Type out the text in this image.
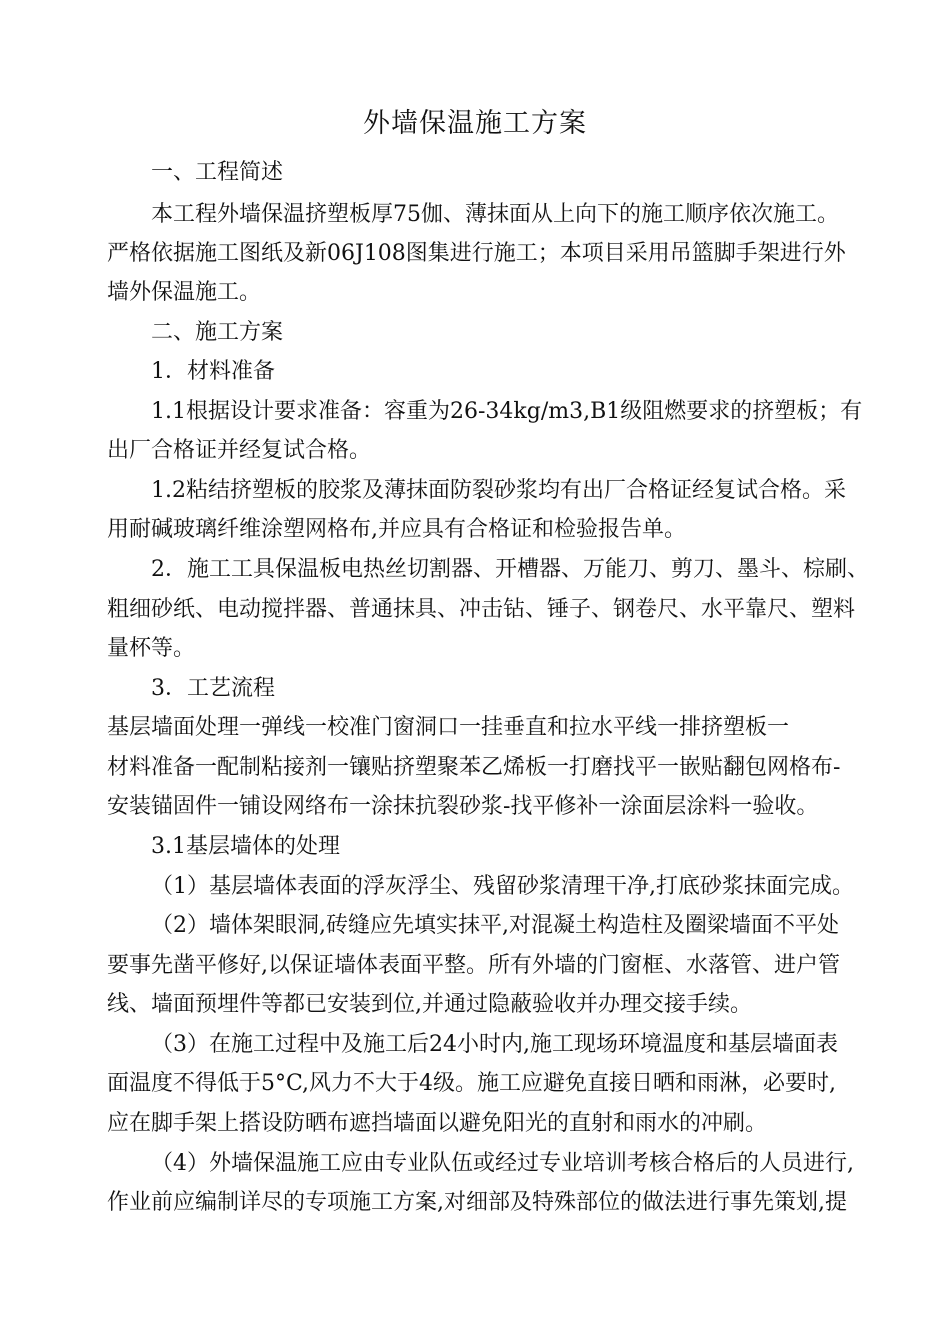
外墙保温施工方案
一、工程简述
本工程外墙保温挤塑板厚75伽、薄抹面从上向下的施工顺序依次施工。
严格依据施工图纸及新06J108图集进行施工；本项目采用吊篮脚手架进行外
墙外保温施工。
二、施工方案
1．材料准备
1.1根据设计要求准备：容重为26-34kg/m3,B1级阻燃要求的挤塑板；有
出厂合格证并经复试合格。
1.2粘结挤塑板的胶浆及薄抹面防裂砂浆均有出厂合格证经复试合格。采
用耐碱玻璃纤维涂塑网格布,并应具有合格证和检验报告单。
2．施工工具保温板电热丝切割器、开槽器、万能刀、剪刀、墨斗、棕刷、
粗细砂纸、电动搅拌器、普通抹具、冲击钻、锤子、钢卷尺、水平靠尺、塑料
量杯等。
3．工艺流程
基层墙面处理一弹线一校准门窗洞口一挂垂直和拉水平线一排挤塑板一
材料准备一配制粘接剂一镶贴挤塑聚苯乙烯板一打磨找平一嵌贴翻包网格布-
安装锚固件一铺设网络布一涂抹抗裂砂浆-找平修补一涂面层涂料一验收。
3.1基层墙体的处理
（1）基层墙体表面的浮灰浮尘、残留砂浆清理干净,打底砂浆抹面完成。
（2）墙体架眼洞,砖缝应先填实抹平,对混凝土构造柱及圈梁墙面不平处
要事先凿平修好,以保证墙体表面平整。所有外墙的门窗框、水落管、进户管
线、墙面预埋件等都已安装到位,并通过隐蔽验收并办理交接手续。
（3）在施工过程中及施工后24小时内,施工现场环境温度和基层墙面表
面温度不得低于5°C,风力不大于4级。施工应避免直接日晒和雨淋，必要时,
应在脚手架上搭设防晒布遮挡墙面以避免阳光的直射和雨水的冲刷。
（4）外墙保温施工应由专业队伍或经过专业培训考核合格后的人员进行,
作业前应编制详尽的专项施工方案,对细部及特殊部位的做法进行事先策划,提
